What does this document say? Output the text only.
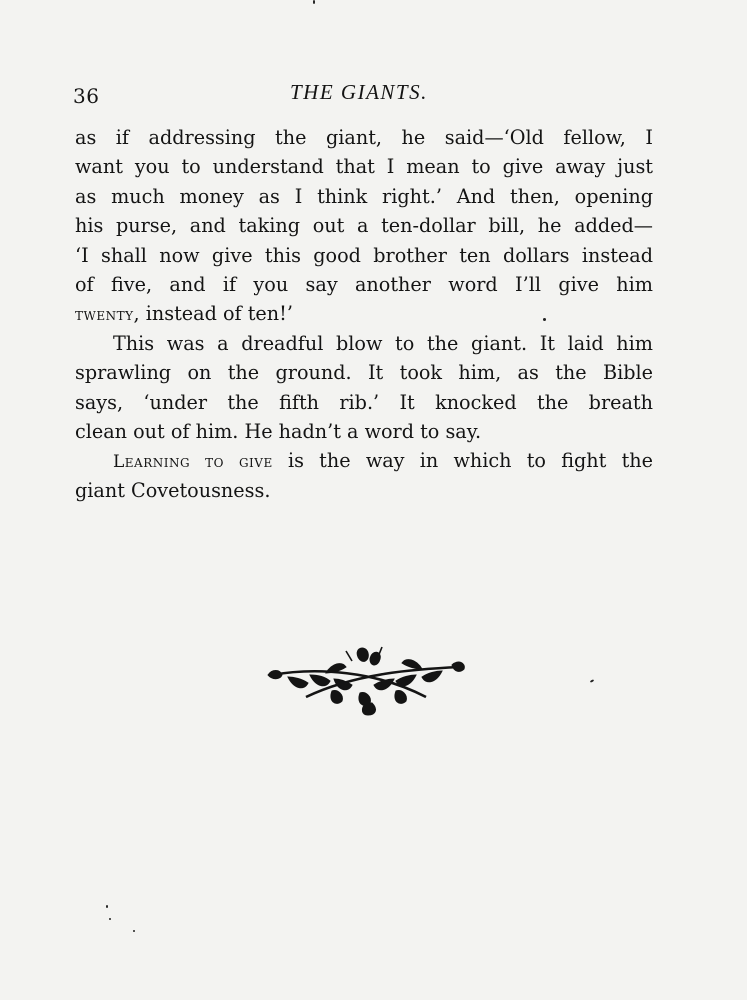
36	THE GIANTS.
as if addressing the giant, he said—‘Old fellow, I
want you to understand that I mean to give away just
as much money as I think right.’ And then, opening
his purse, and taking out a ten-dollar bill, he added—
‘I shall now give this good brother ten dollars instead
of five, and if you say another word I’ll give him
twenty, instead of ten!’
This was a dreadful blow to the giant. It laid him
sprawling on the ground. It took him, as the Bible
says, ‘under the fifth rib.’ It knocked the breath
clean out of him. He hadn’t a word to say.
Learning to give is the way in which to fight the
giant Covetousness.
